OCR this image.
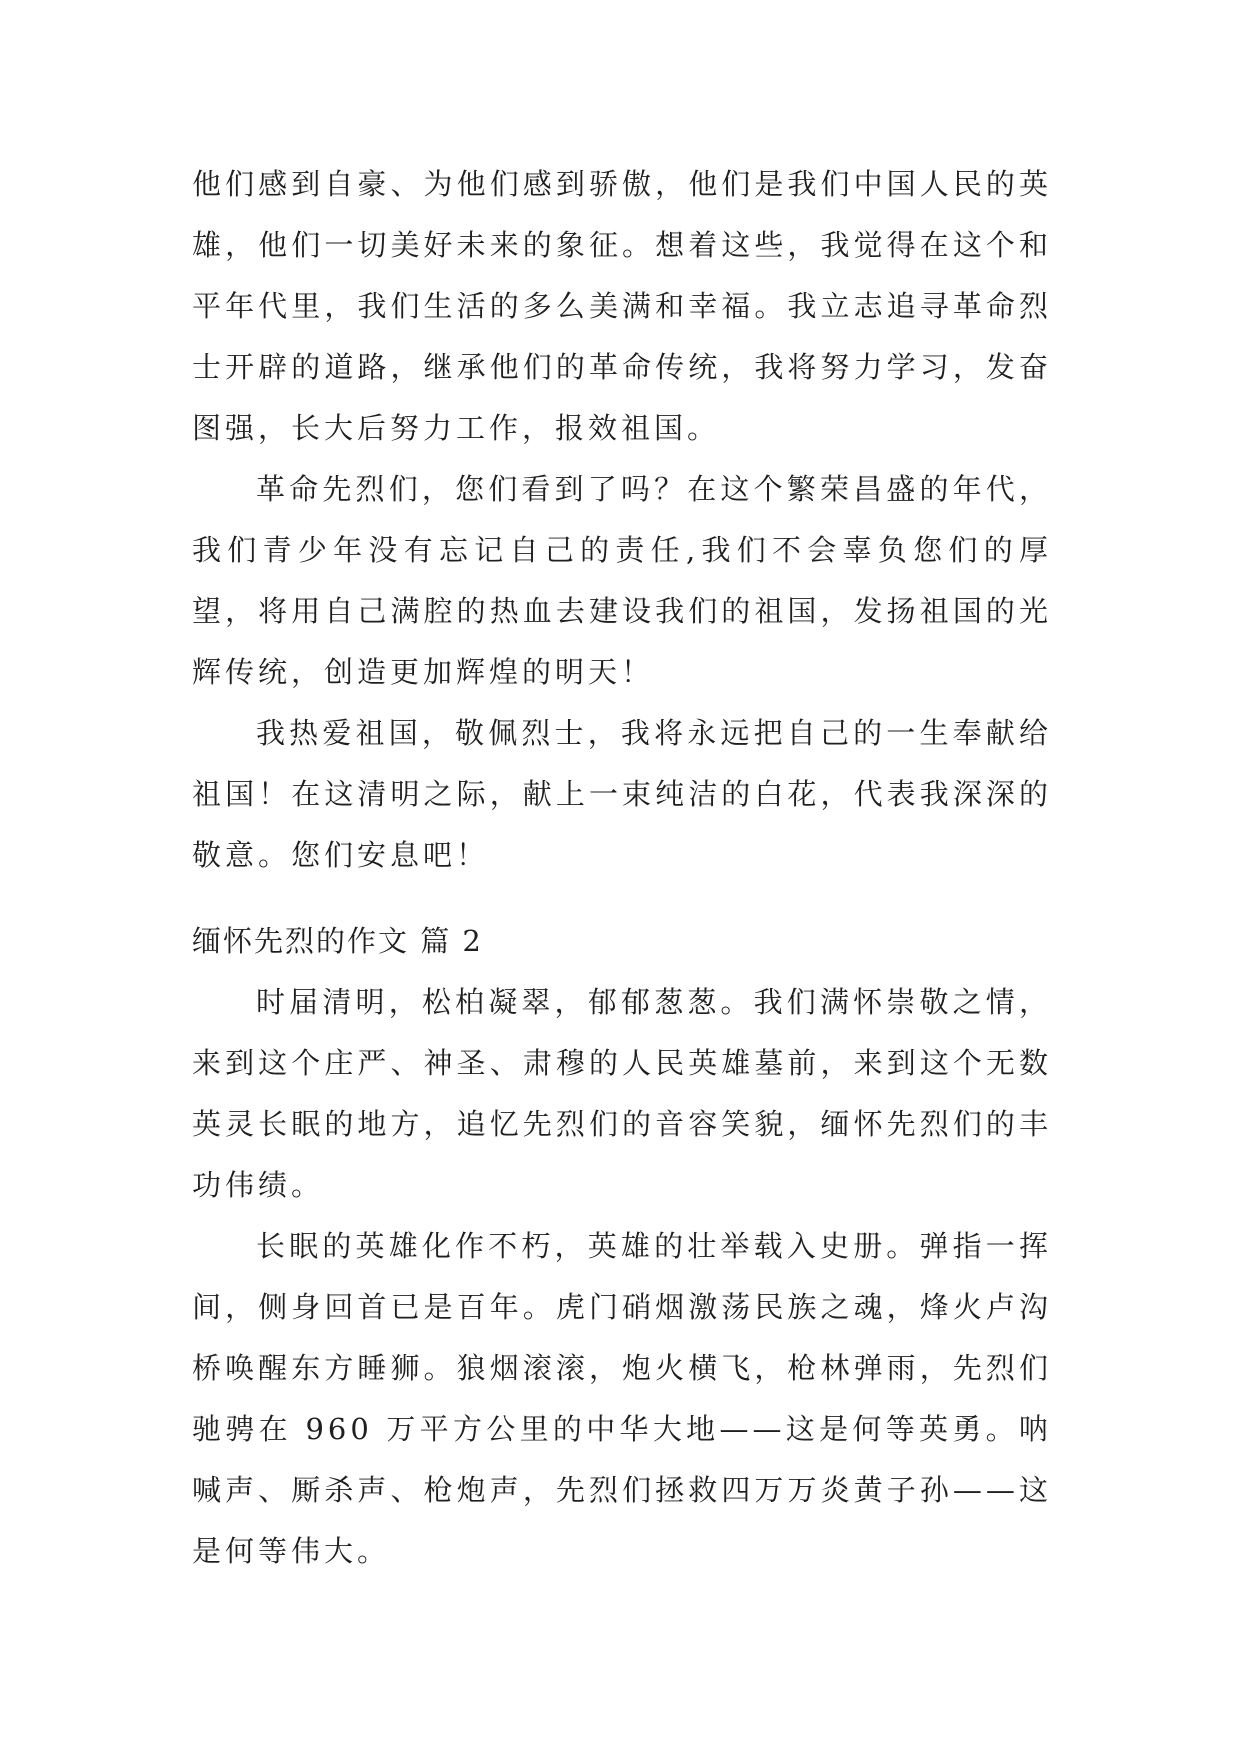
他们感到自豪、为他们感到骄傲，他们是我们中国人民的英雄，他们一切美好未来的象征。想着这些，我觉得在这个和平年代里，我们生活的多么美满和幸福。我立志追寻革命烈士开辟的道路，继承他们的革命传统，我将努力学习，发奋图强，长大后努力工作，报效祖国。

革命先烈们，您们看到了吗？在这个繁荣昌盛的年代，我们青少年没有忘记自己的责任,我们不会辜负您们的厚望，将用自己满腔的热血去建设我们的祖国，发扬祖国的光辉传统，创造更加辉煌的明天！

我热爱祖国，敬佩烈士，我将永远把自己的一生奉献给祖国！在这清明之际，献上一束纯洁的白花，代表我深深的敬意。您们安息吧！

缅怀先烈的作文 篇 2

时届清明，松柏凝翠，郁郁葱葱。我们满怀崇敬之情，来到这个庄严、神圣、肃穆的人民英雄墓前，来到这个无数英灵长眠的地方，追忆先烈们的音容笑貌，缅怀先烈们的丰功伟绩。

长眠的英雄化作不朽，英雄的壮举载入史册。弹指一挥间，侧身回首已是百年。虎门硝烟激荡民族之魂，烽火卢沟桥唤醒东方睡狮。狼烟滚滚，炮火横飞，枪林弹雨，先烈们驰骋在 960 万平方公里的中华大地——这是何等英勇。呐喊声、厮杀声、枪炮声，先烈们拯救四万万炎黄子孙——这是何等伟大。
